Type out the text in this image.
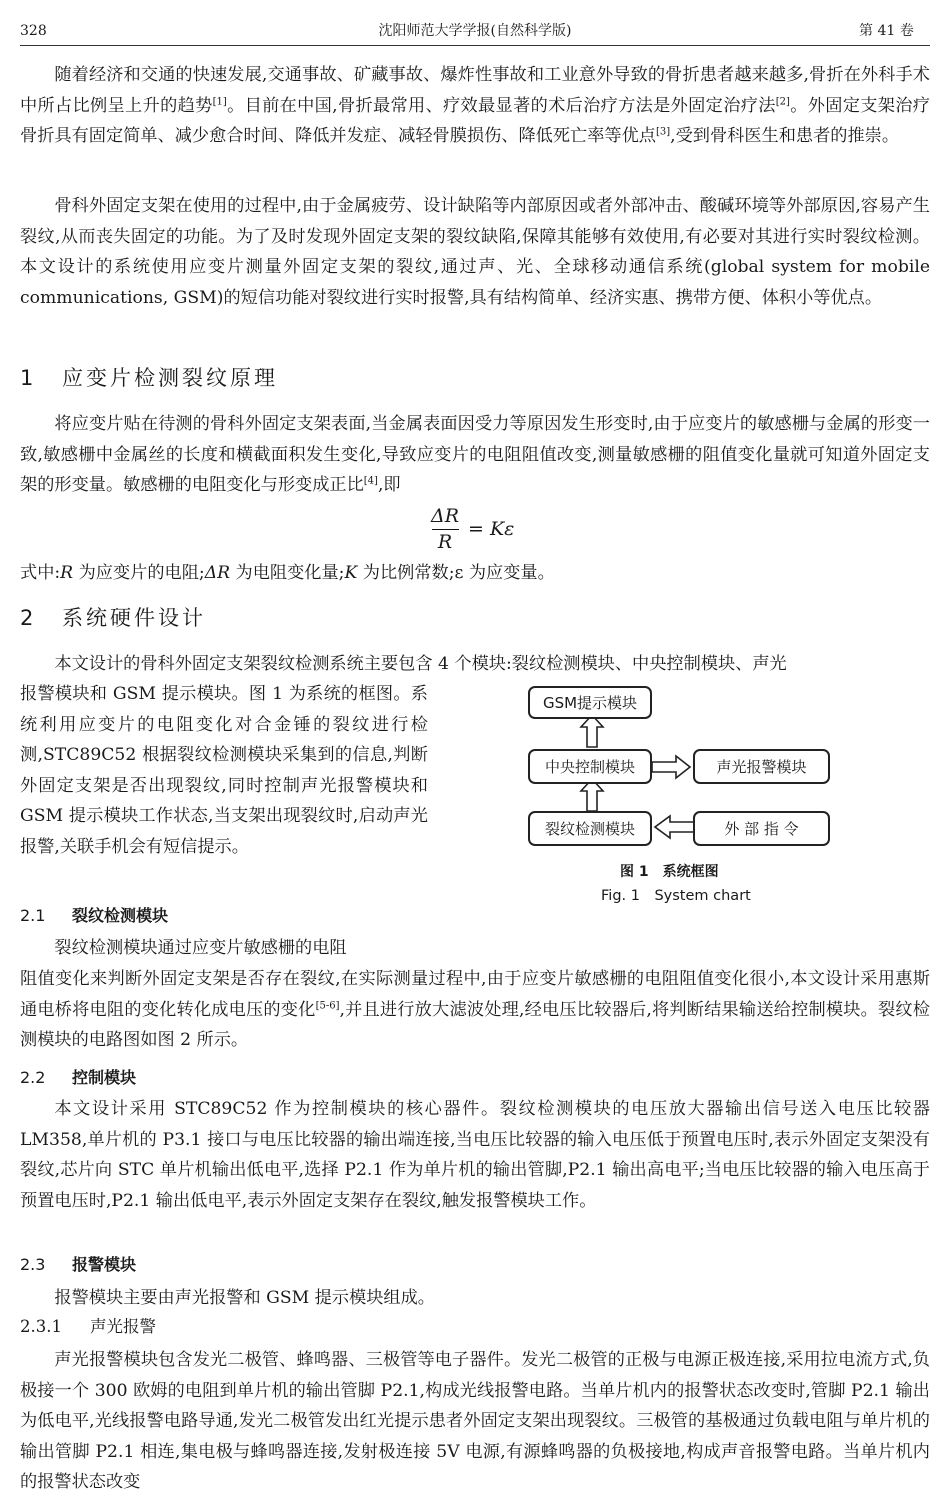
328	沈阳师范大学学报(自然科学版)	第 41 卷

随着经济和交通的快速发展,交通事故、矿藏事故、爆炸性事故和工业意外导致的骨折患者越来越多,骨折在外科手术中所占比例呈上升的趋势[1]。目前在中国,骨折最常用、疗效最显著的术后治疗方法是外固定治疗法[2]。外固定支架治疗骨折具有固定简单、减少愈合时间、降低并发症、减轻骨膜损伤、降低死亡率等优点[3],受到骨科医生和患者的推崇。

骨科外固定支架在使用的过程中,由于金属疲劳、设计缺陷等内部原因或者外部冲击、酸碱环境等外部原因,容易产生裂纹,从而丧失固定的功能。为了及时发现外固定支架的裂纹缺陷,保障其能够有效使用,有必要对其进行实时裂纹检测。本文设计的系统使用应变片测量外固定支架的裂纹,通过声、光、全球移动通信系统(global system for mobile communications, GSM)的短信功能对裂纹进行实时报警,具有结构简单、经济实惠、携带方便、体积小等优点。

1 应变片检测裂纹原理

将应变片贴在待测的骨科外固定支架表面,当金属表面因受力等原因发生形变时,由于应变片的敏感栅与金属的形变一致,敏感栅中金属丝的长度和横截面积发生变化,导致应变片的电阻阻值改变,测量敏感栅的阻值变化量就可知道外固定支架的形变量。敏感栅的电阻变化与形变成正比[4],即

ΔR
R
= Kε

式中:R 为应变片的电阻;ΔR 为电阻变化量;K 为比例常数;ε 为应变量。

2 系统硬件设计

本文设计的骨科外固定支架裂纹检测系统主要包含 4 个模块:裂纹检测模块、中央控制模块、声光

报警模块和 GSM 提示模块。图 1 为系统的框图。系统利用应变片的电阻变化对合金锤的裂纹进行检测,STC89C52 根据裂纹检测模块采集到的信息,判断外固定支架是否出现裂纹,同时控制声光报警模块和 GSM 提示模块工作状态,当支架出现裂纹时,启动声光报警,关联手机会有短信提示。

GSM提示模块
中央控制模块	声光报警模块
裂纹检测模块	外 部 指 令
图 1　系统框图
Fig. 1　System chart
2.1 裂纹检测模块

裂纹检测模块通过应变片敏感栅的电阻

阻值变化来判断外固定支架是否存在裂纹,在实际测量过程中,由于应变片敏感栅的电阻阻值变化很小,本文设计采用惠斯通电桥将电阻的变化转化成电压的变化[5-6],并且进行放大滤波处理,经电压比较器后,将判断结果输送给控制模块。裂纹检测模块的电路图如图 2 所示。

2.2 控制模块

本文设计采用 STC89C52 作为控制模块的核心器件。裂纹检测模块的电压放大器输出信号送入电压比较器 LM358,单片机的 P3.1 接口与电压比较器的输出端连接,当电压比较器的输入电压低于预置电压时,表示外固定支架没有裂纹,芯片向 STC 单片机输出低电平,选择 P2.1 作为单片机的输出管脚,P2.1 输出高电平;当电压比较器的输入电压高于预置电压时,P2.1 输出低电平,表示外固定支架存在裂纹,触发报警模块工作。

2.3 报警模块

报警模块主要由声光报警和 GSM 提示模块组成。

2.3.1 声光报警

声光报警模块包含发光二极管、蜂鸣器、三极管等电子器件。发光二极管的正极与电源正极连接,采用拉电流方式,负极接一个 300 欧姆的电阻到单片机的输出管脚 P2.1,构成光线报警电路。当单片机内的报警状态改变时,管脚 P2.1 输出为低电平,光线报警电路导通,发光二极管发出红光提示患者外固定支架出现裂纹。三极管的基极通过负载电阻与单片机的输出管脚 P2.1 相连,集电极与蜂鸣器连接,发射极连接 5V 电源,有源蜂鸣器的负极接地,构成声音报警电路。当单片机内的报警状态改变
